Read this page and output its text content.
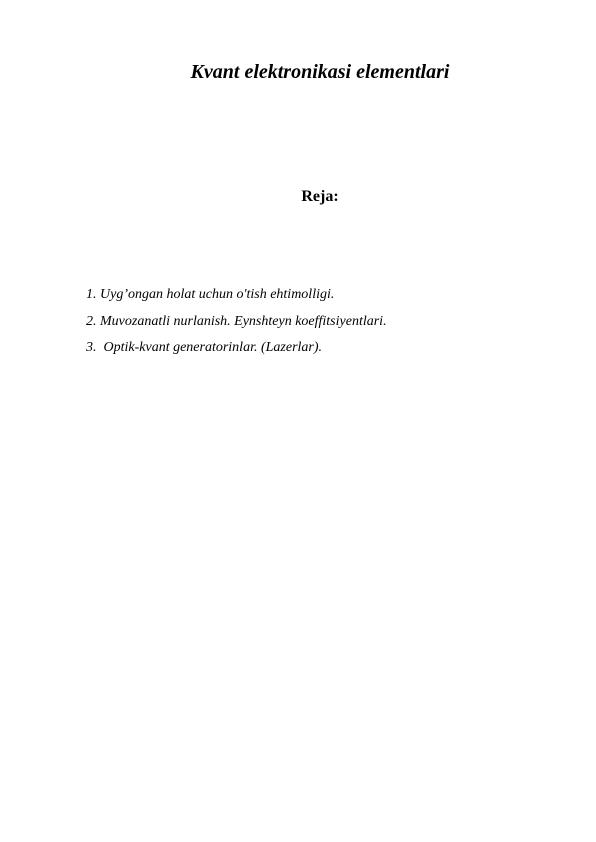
Kvant elektronikasi elementlari
Reja:
1. Uyg’ongan holat uchun o'tish ehtimolligi.
2. Muvozanatli nurlanish. Eynshteyn koeffitsiyentlari.
3.  Optik-kvant generatorinlar. (Lazerlar).
